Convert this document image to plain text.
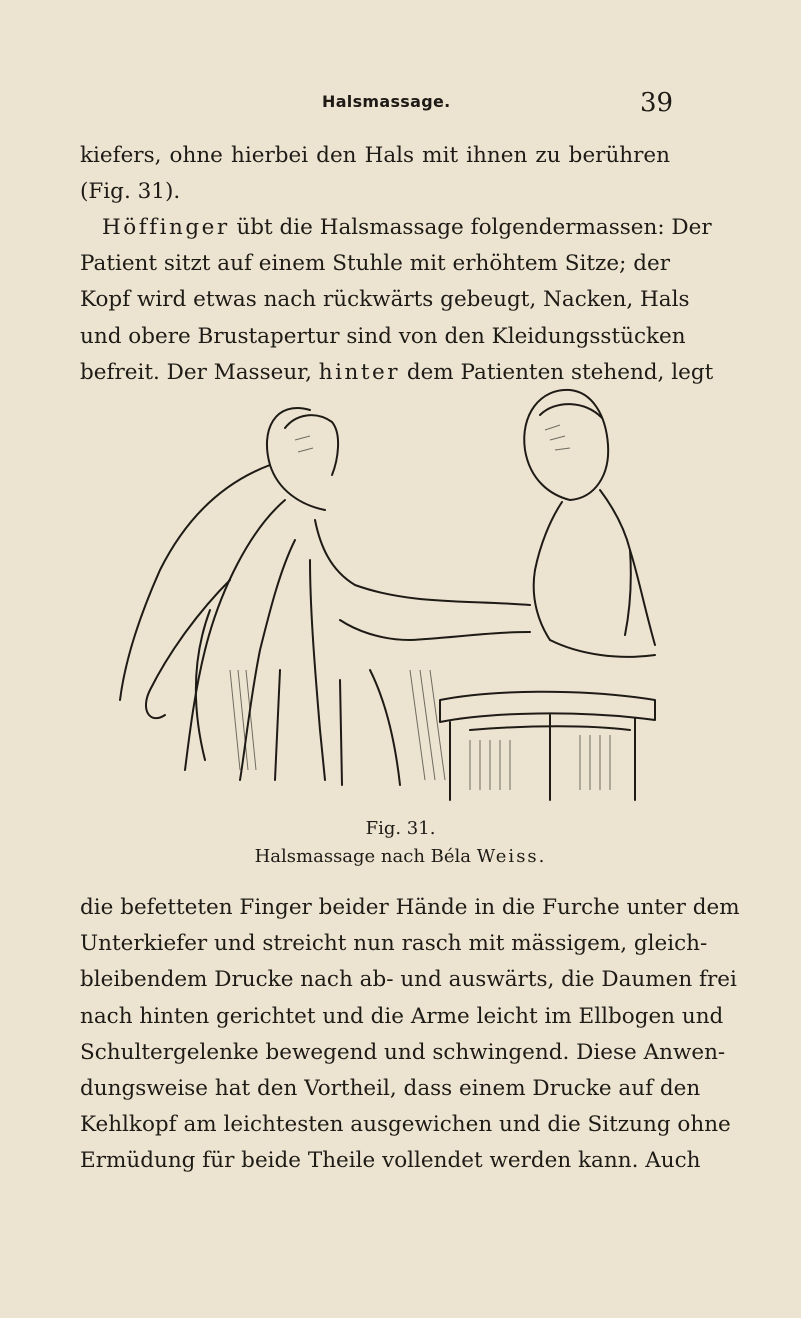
Halsmassage.	39
kiefers, ohne hierbei den Hals mit ihnen zu berühren
(Fig. 31).
Höffinger übt die Halsmassage folgendermassen: Der
Patient sitzt auf einem Stuhle mit erhöhtem Sitze; der
Kopf wird etwas nach rückwärts gebeugt, Nacken, Hals
und obere Brustapertur sind von den Kleidungsstücken
befreit. Der Masseur, hinter dem Patienten stehend, legt
Fig. 31.
Halsmassage nach Béla Weiss.
die befetteten Finger beider Hände in die Furche unter dem
Unterkiefer und streicht nun rasch mit mässigem, gleich-
bleibendem Drucke nach ab- und auswärts, die Daumen frei
nach hinten gerichtet und die Arme leicht im Ellbogen und
Schultergelenke bewegend und schwingend. Diese Anwen-
dungsweise hat den Vortheil, dass einem Drucke auf den
Kehlkopf am leichtesten ausgewichen und die Sitzung ohne
Ermüdung für beide Theile vollendet werden kann. Auch
